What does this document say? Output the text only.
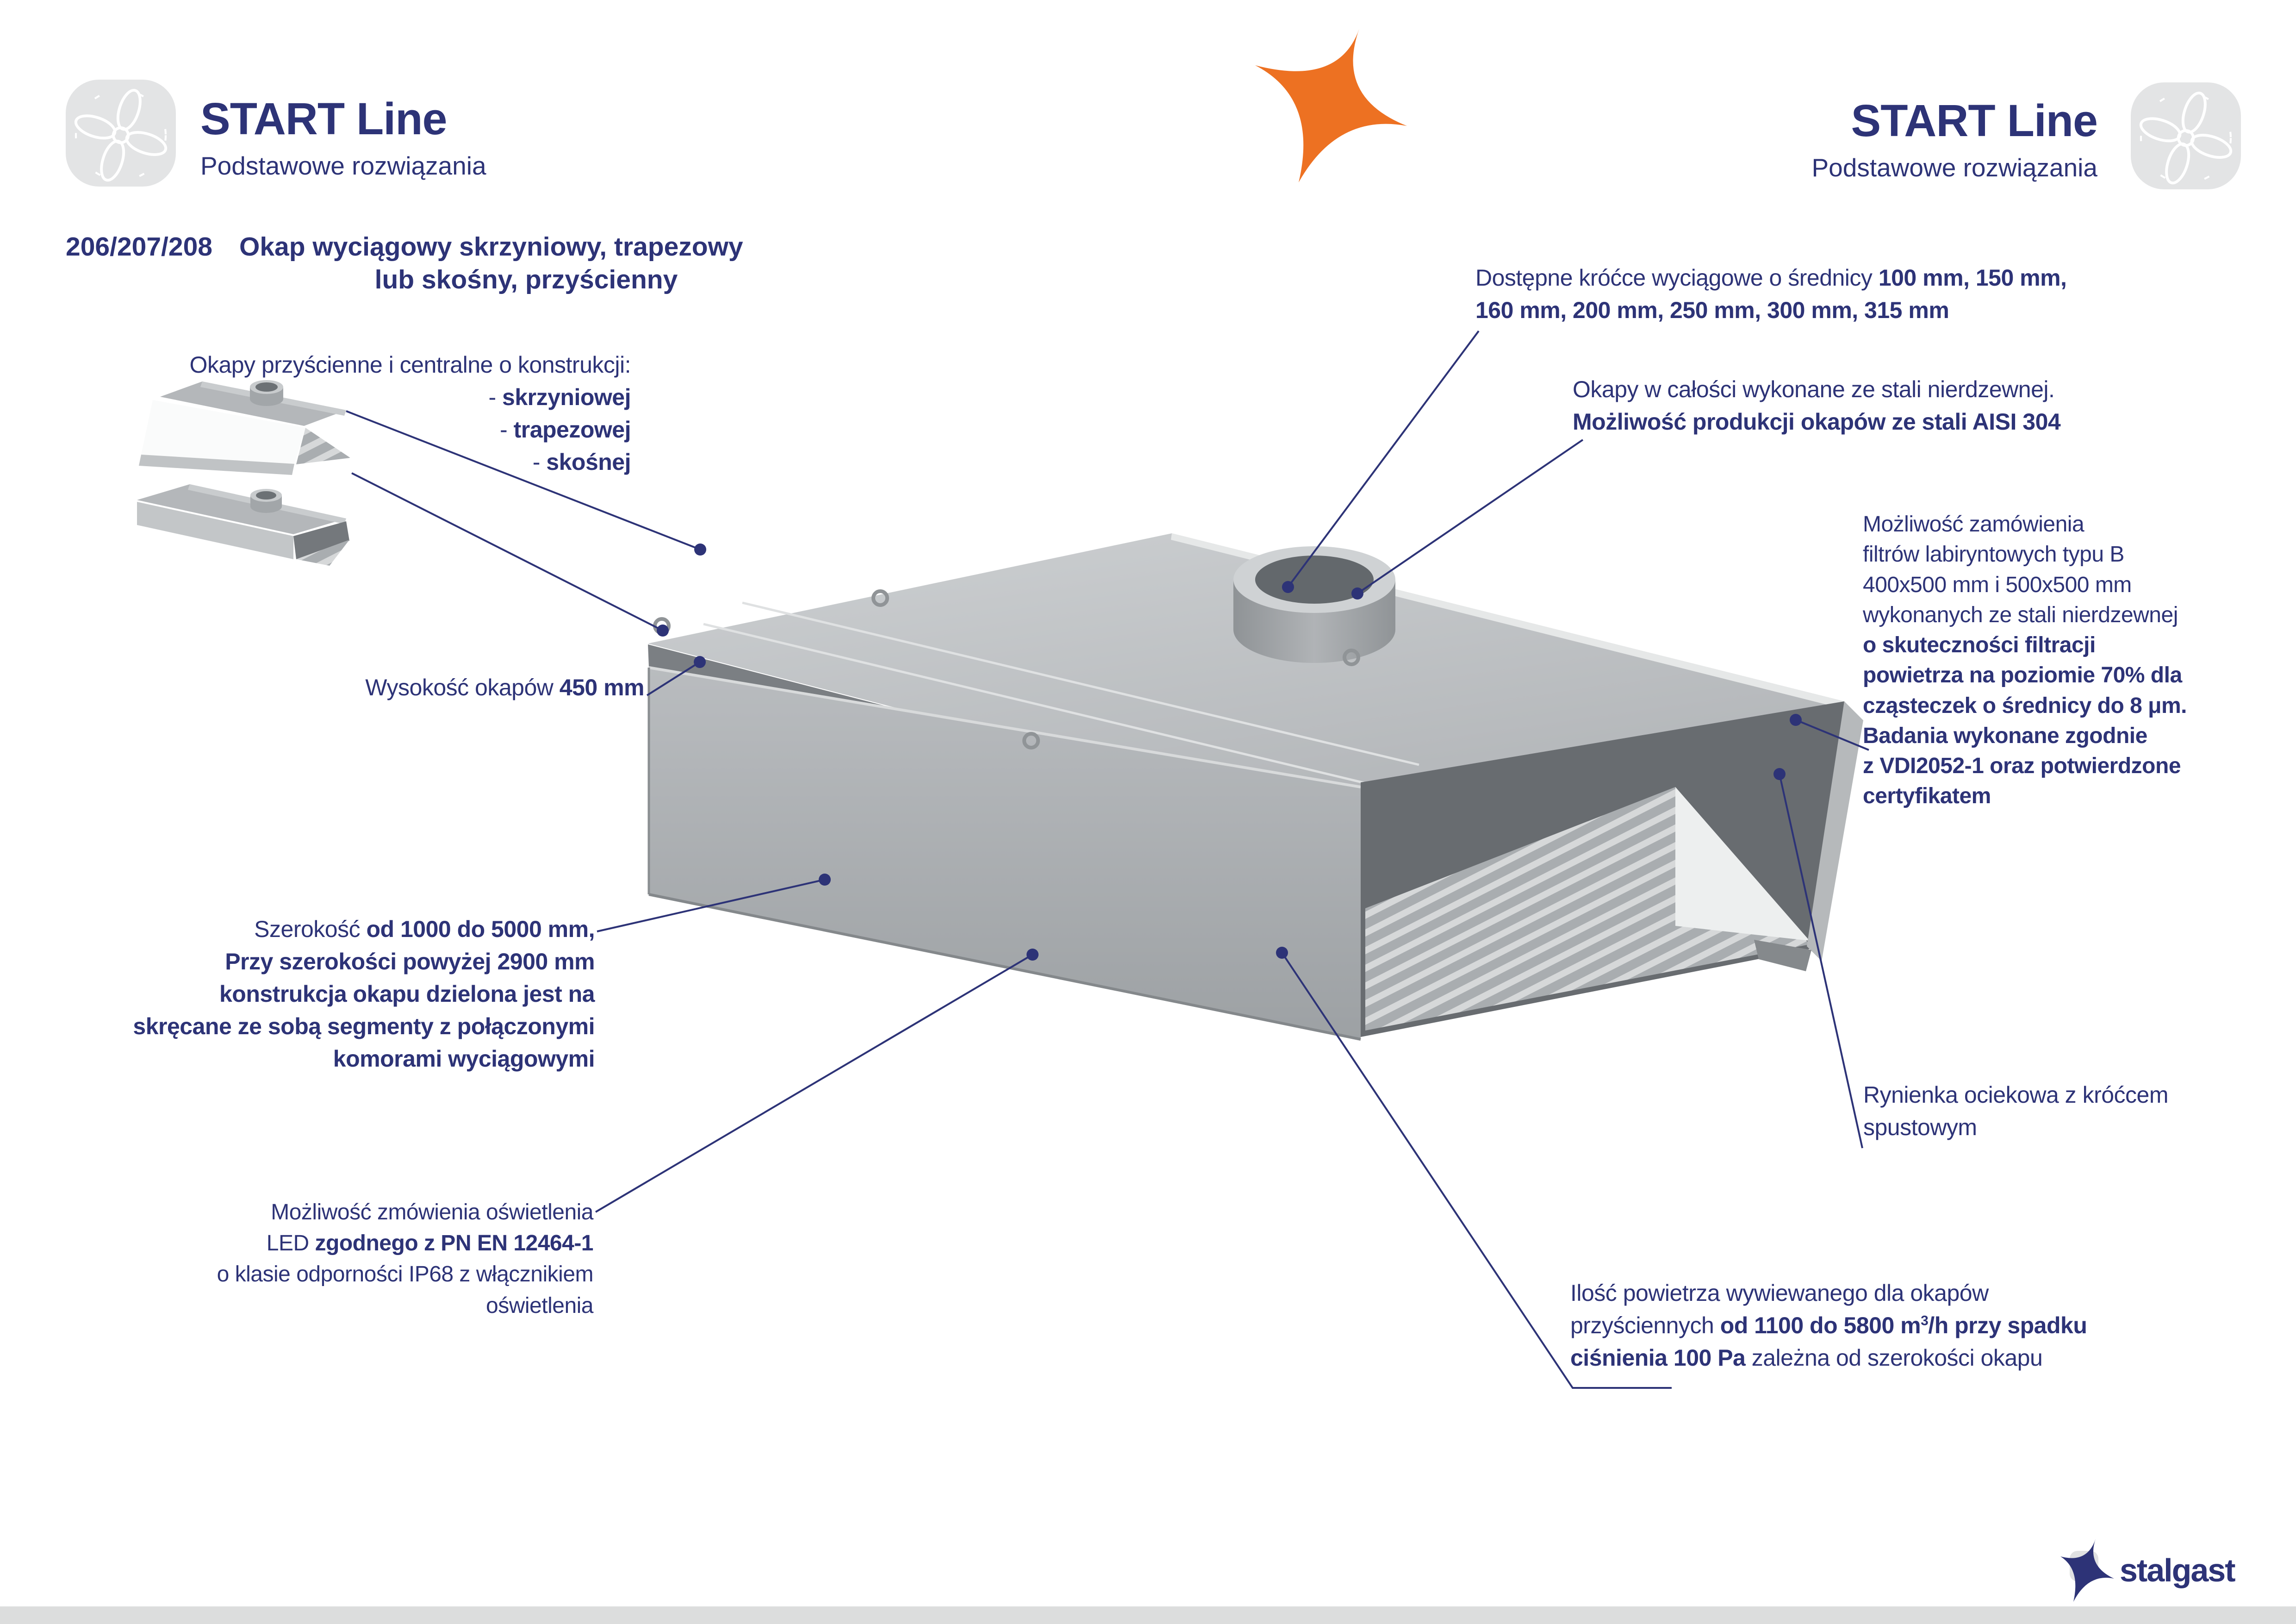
START Line
Podstawowe rozwiązania
START Line
Podstawowe rozwiązania
206/207/208 Okap wyciągowy skrzyniowy, trapezowy
lub skośny, przyścienny
Okapy przyścienne i centralne o konstrukcji:
- skrzyniowej
- trapezowej
- skośnej
Wysokość okapów 450 mm
Szerokość od 1000 do 5000 mm,
Przy szerokości powyżej 2900 mm
konstrukcja okapu dzielona jest na
skręcane ze sobą segmenty z połączonymi
komorami wyciągowymi
Możliwość zmówienia oświetlenia
LED zgodnego z PN EN 12464-1
o klasie odporności IP68 z włącznikiem
oświetlenia
Dostępne króćce wyciągowe o średnicy 100 mm, 150 mm,
160 mm, 200 mm, 250 mm, 300 mm, 315 mm
Okapy w całości wykonane ze stali nierdzewnej.
Możliwość produkcji okapów ze stali AISI 304
Możliwość zamówienia
filtrów labiryntowych typu B
400x500 mm i 500x500 mm
wykonanych ze stali nierdzewnej
o skuteczności filtracji
powietrza na poziomie 70% dla
cząsteczek o średnicy do 8 μm.
Badania wykonane zgodnie
z VDI2052-1 oraz potwierdzone
certyfikatem
Rynienka ociekowa z króćcem
spustowym
Ilość powietrza wywiewanego dla okapów
przyściennych od 1100 do 5800 $m^3/h$ przy spadku
ciśnienia 100 Pa zależna od szerokości okapu
stalgast
